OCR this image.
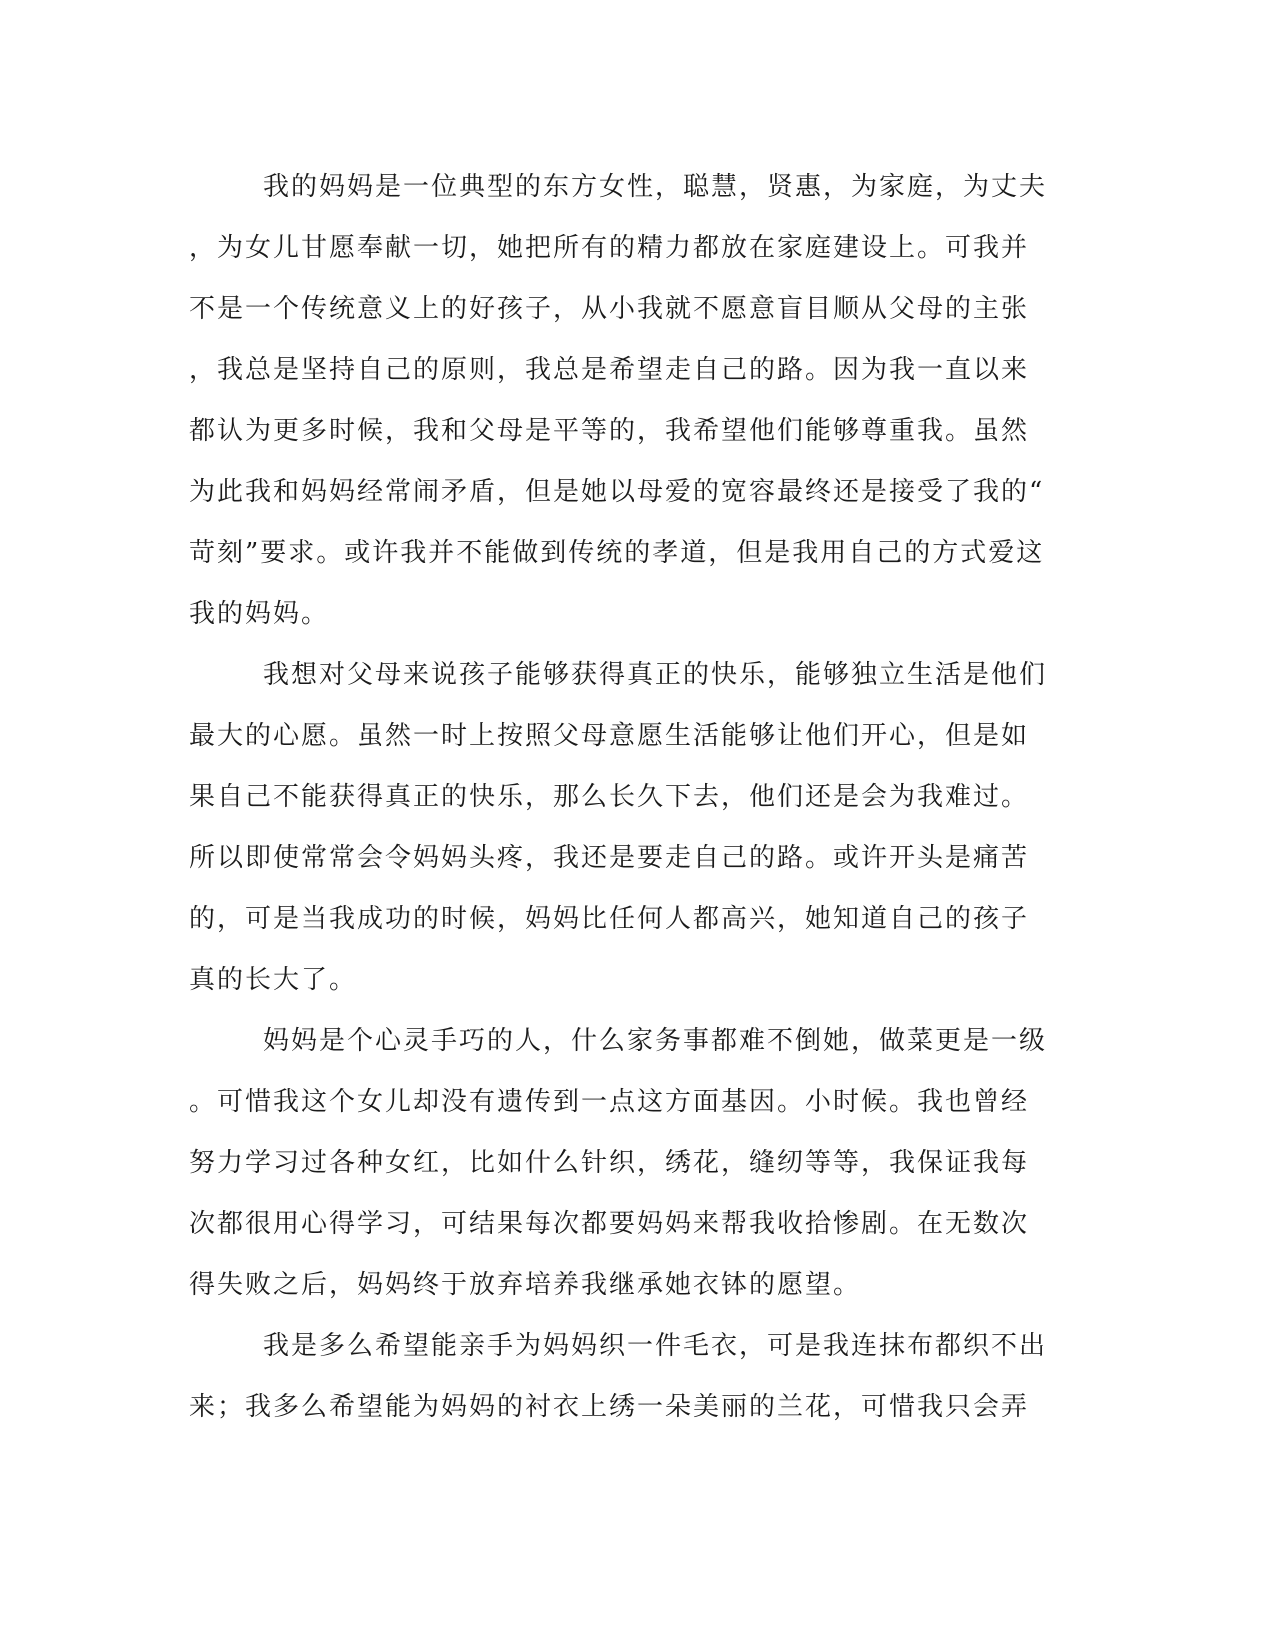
我的妈妈是一位典型的东方女性，聪慧，贤惠，为家庭，为丈夫
，为女儿甘愿奉献一切，她把所有的精力都放在家庭建设上。可我并
不是一个传统意义上的好孩子，从小我就不愿意盲目顺从父母的主张
，我总是坚持自己的原则，我总是希望走自己的路。因为我一直以来
都认为更多时候，我和父母是平等的，我希望他们能够尊重我。虽然
为此我和妈妈经常闹矛盾，但是她以母爱的宽容最终还是接受了我的“
苛刻”要求。或许我并不能做到传统的孝道，但是我用自己的方式爱这
我的妈妈。
我想对父母来说孩子能够获得真正的快乐，能够独立生活是他们
最大的心愿。虽然一时上按照父母意愿生活能够让他们开心，但是如
果自己不能获得真正的快乐，那么长久下去，他们还是会为我难过。
所以即使常常会令妈妈头疼，我还是要走自己的路。或许开头是痛苦
的，可是当我成功的时候，妈妈比任何人都高兴，她知道自己的孩子
真的长大了。
妈妈是个心灵手巧的人，什么家务事都难不倒她，做菜更是一级
。可惜我这个女儿却没有遗传到一点这方面基因。小时候。我也曾经
努力学习过各种女红，比如什么针织，绣花，缝纫等等，我保证我每
次都很用心得学习，可结果每次都要妈妈来帮我收拾惨剧。在无数次
得失败之后，妈妈终于放弃培养我继承她衣钵的愿望。
我是多么希望能亲手为妈妈织一件毛衣，可是我连抹布都织不出
来；我多么希望能为妈妈的衬衣上绣一朵美丽的兰花，可惜我只会弄
